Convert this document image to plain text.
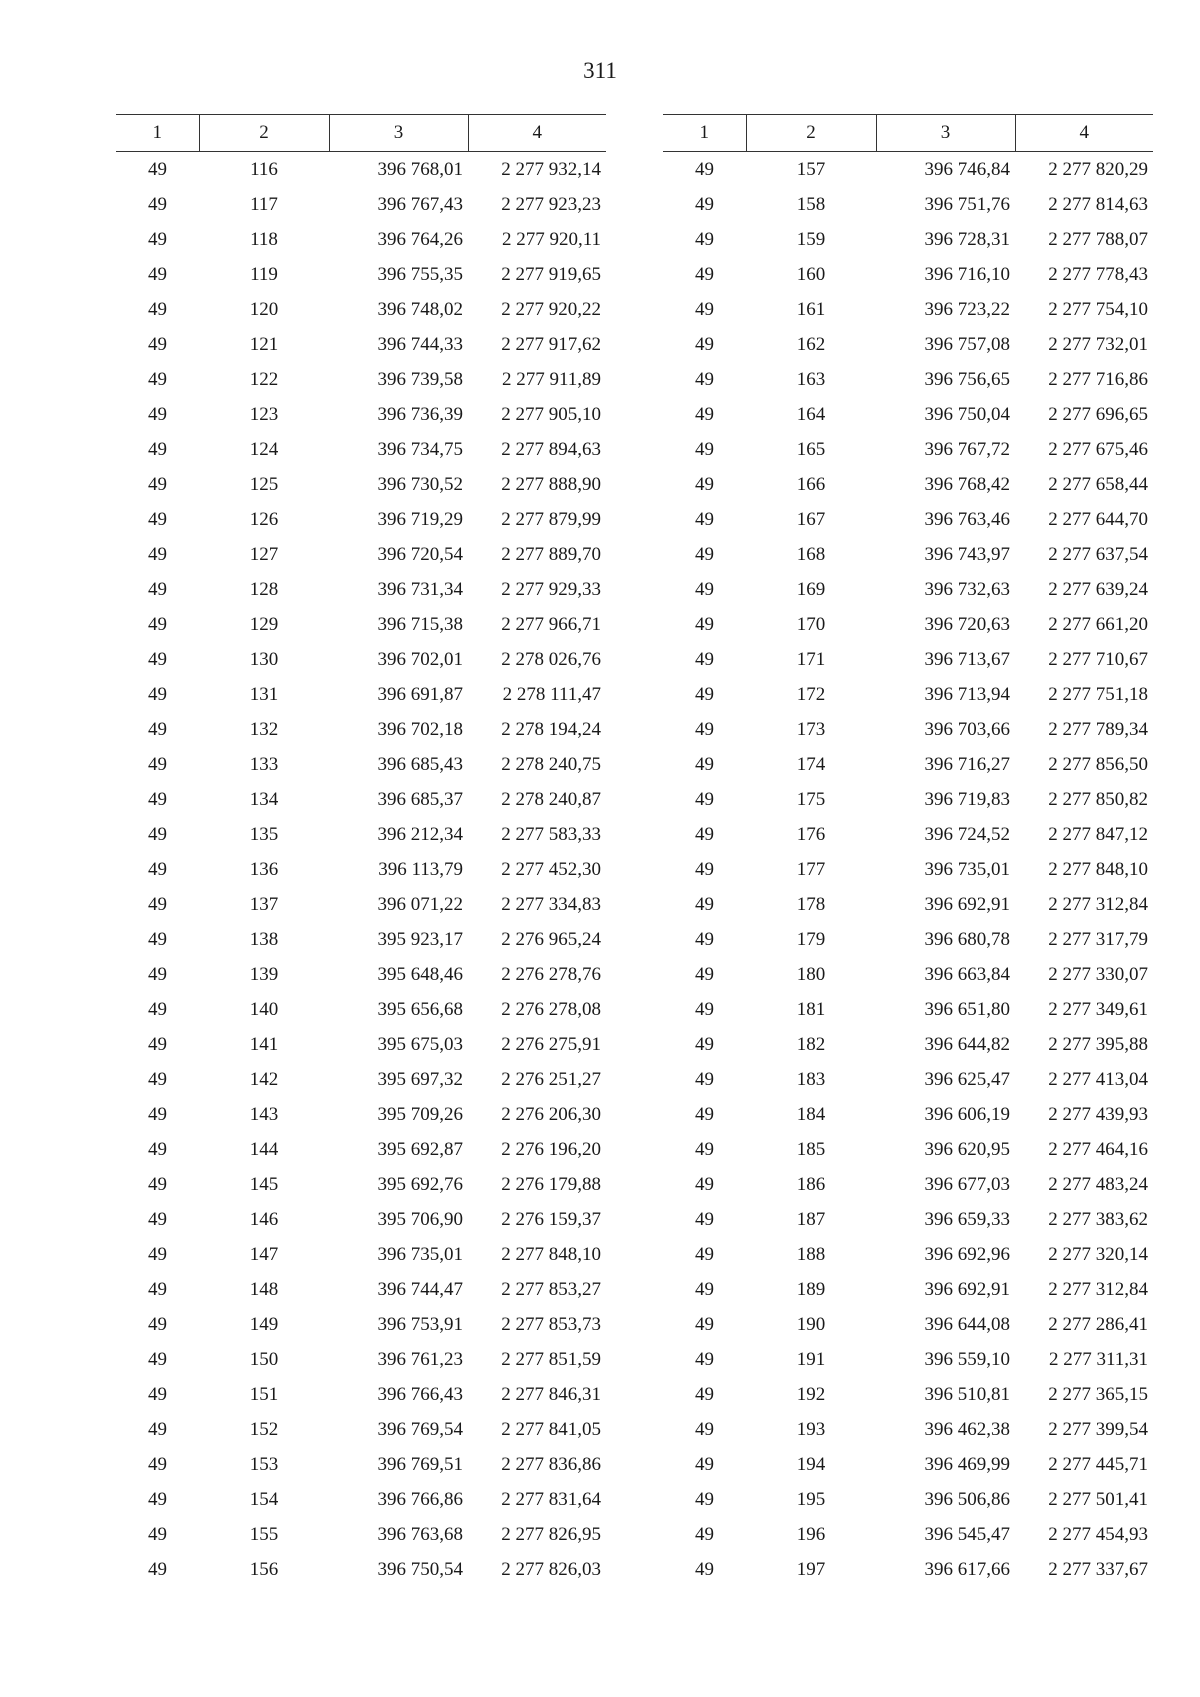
311
1	2	3	4
49	116	396 768,01	2 277 932,14
49	117	396 767,43	2 277 923,23
49	118	396 764,26	2 277 920,11
49	119	396 755,35	2 277 919,65
49	120	396 748,02	2 277 920,22
49	121	396 744,33	2 277 917,62
49	122	396 739,58	2 277 911,89
49	123	396 736,39	2 277 905,10
49	124	396 734,75	2 277 894,63
49	125	396 730,52	2 277 888,90
49	126	396 719,29	2 277 879,99
49	127	396 720,54	2 277 889,70
49	128	396 731,34	2 277 929,33
49	129	396 715,38	2 277 966,71
49	130	396 702,01	2 278 026,76
49	131	396 691,87	2 278 111,47
49	132	396 702,18	2 278 194,24
49	133	396 685,43	2 278 240,75
49	134	396 685,37	2 278 240,87
49	135	396 212,34	2 277 583,33
49	136	396 113,79	2 277 452,30
49	137	396 071,22	2 277 334,83
49	138	395 923,17	2 276 965,24
49	139	395 648,46	2 276 278,76
49	140	395 656,68	2 276 278,08
49	141	395 675,03	2 276 275,91
49	142	395 697,32	2 276 251,27
49	143	395 709,26	2 276 206,30
49	144	395 692,87	2 276 196,20
49	145	395 692,76	2 276 179,88
49	146	395 706,90	2 276 159,37
49	147	396 735,01	2 277 848,10
49	148	396 744,47	2 277 853,27
49	149	396 753,91	2 277 853,73
49	150	396 761,23	2 277 851,59
49	151	396 766,43	2 277 846,31
49	152	396 769,54	2 277 841,05
49	153	396 769,51	2 277 836,86
49	154	396 766,86	2 277 831,64
49	155	396 763,68	2 277 826,95
49	156	396 750,54	2 277 826,03
1	2	3	4
49	157	396 746,84	2 277 820,29
49	158	396 751,76	2 277 814,63
49	159	396 728,31	2 277 788,07
49	160	396 716,10	2 277 778,43
49	161	396 723,22	2 277 754,10
49	162	396 757,08	2 277 732,01
49	163	396 756,65	2 277 716,86
49	164	396 750,04	2 277 696,65
49	165	396 767,72	2 277 675,46
49	166	396 768,42	2 277 658,44
49	167	396 763,46	2 277 644,70
49	168	396 743,97	2 277 637,54
49	169	396 732,63	2 277 639,24
49	170	396 720,63	2 277 661,20
49	171	396 713,67	2 277 710,67
49	172	396 713,94	2 277 751,18
49	173	396 703,66	2 277 789,34
49	174	396 716,27	2 277 856,50
49	175	396 719,83	2 277 850,82
49	176	396 724,52	2 277 847,12
49	177	396 735,01	2 277 848,10
49	178	396 692,91	2 277 312,84
49	179	396 680,78	2 277 317,79
49	180	396 663,84	2 277 330,07
49	181	396 651,80	2 277 349,61
49	182	396 644,82	2 277 395,88
49	183	396 625,47	2 277 413,04
49	184	396 606,19	2 277 439,93
49	185	396 620,95	2 277 464,16
49	186	396 677,03	2 277 483,24
49	187	396 659,33	2 277 383,62
49	188	396 692,96	2 277 320,14
49	189	396 692,91	2 277 312,84
49	190	396 644,08	2 277 286,41
49	191	396 559,10	2 277 311,31
49	192	396 510,81	2 277 365,15
49	193	396 462,38	2 277 399,54
49	194	396 469,99	2 277 445,71
49	195	396 506,86	2 277 501,41
49	196	396 545,47	2 277 454,93
49	197	396 617,66	2 277 337,67
